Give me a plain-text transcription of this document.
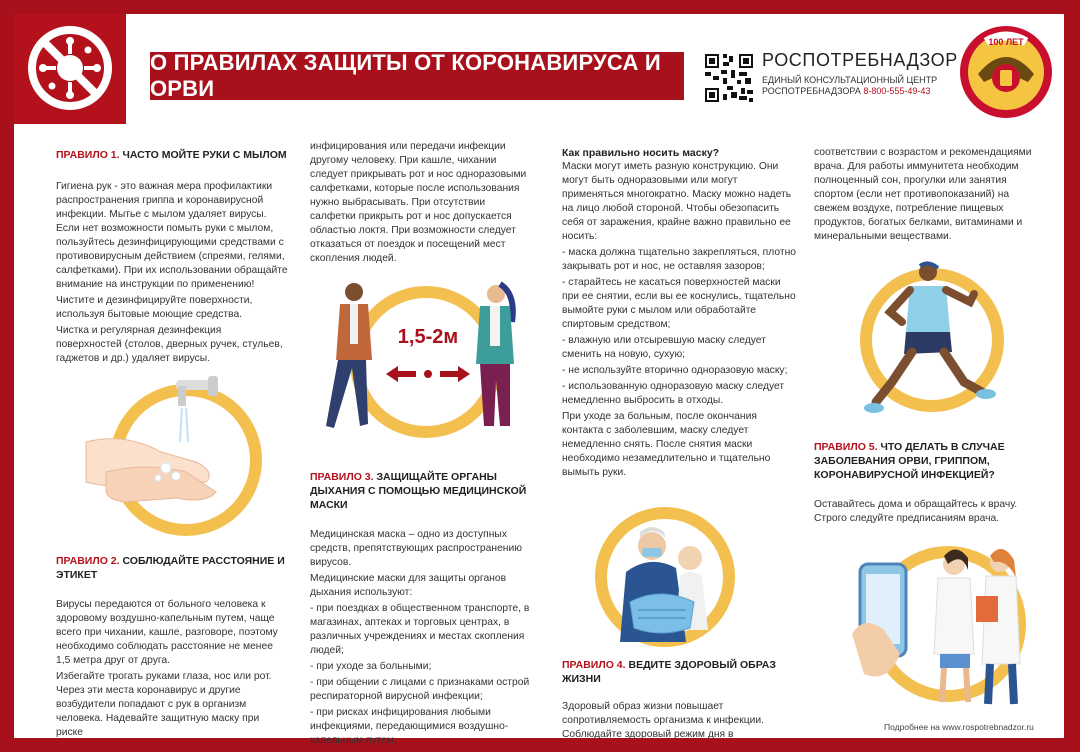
О ПРАВИЛАХ ЗАЩИТЫ ОТ КОРОНАВИРУСА И ОРВИ
РОСПОТРЕБНАДЗОР
ЕДИНЫЙ КОНСУЛЬТАЦИОННЫЙ ЦЕНТР
РОСПОТРЕБНАДЗОРА 8-800-555-49-43
100 ЛЕТ
ПРАВИЛО 1. ЧАСТО МОЙТЕ РУКИ С МЫЛОМ

Гигиена рук - это важная мера профилактики распространения гриппа и коронавирусной инфекции. Мытье с мылом удаляет вирусы. Если нет возможности помыть руки с мылом, пользуйтесь дезинфицирующими средствами с противовирусным действием (спреями, гелями, салфетками). При их использовании обращайте внимание на инструкции по применению!

Чистите и дезинфицируйте поверхности, используя бытовые моющие средства.

Чистка и регулярная дезинфекция поверхностей (столов, дверных ручек, стульев, гаджетов и др.) удаляет вирусы.

ПРАВИЛО 2. СОБЛЮДАЙТЕ РАССТОЯНИЕ И ЭТИКЕТ

Вирусы передаются от больного человека к здоровому воздушно-капельным путем, чаще всего при чихании, кашле, разговоре, поэтому необходимо соблюдать расстояние не менее 1,5 метра друг от друга.

Избегайте трогать руками глаза, нос или рот. Через эти места коронавирус и другие возбудители попадают с рук в организм человека. Надевайте защитную маску при риске

инфицирования или передачи инфекции другому человеку. При кашле, чихании следует прикрывать рот и нос одноразовыми салфетками, которые после использования нужно выбрасывать. При отсутствии салфетки прикрыть рот и нос допускается областью локтя. При возможности следует отказаться от поездок и посещений мест скопления людей.

1,5-2м
ПРАВИЛО 3. ЗАЩИЩАЙТЕ ОРГАНЫ ДЫХАНИЯ С ПОМОЩЬЮ МЕДИЦИНСКОЙ МАСКИ

Медицинская маска – одно из доступных средств, препятствующих распространению вирусов.

Медицинские маски для защиты органов дыхания используют:

- при поездках в общественном транспорте, в магазинах, аптеках и торговых центрах, в различных учреждениях и местах скопления людей;

- при уходе за больными;

- при общении с лицами с признаками острой респираторной вирусной инфекции;

- при рисках инфицирования любыми инфекциями, передающимися воздушно-капельным путем.

Как правильно носить маску?

Маски могут иметь разную конструкцию. Они могут быть одноразовыми или могут применяться многократно. Маску можно надеть на лицо любой стороной. Чтобы обезопасить себя от заражения, крайне важно правильно ее носить:

- маска должна тщательно закрепляться, плотно закрывать рот и нос, не оставляя зазоров;

- старайтесь не касаться поверхностей маски при ее снятии, если вы ее коснулись, тщательно вымойте руки с мылом или обработайте спиртовым средством;

- влажную или отсыревшую маску следует сменить на новую, сухую;

- не используйте вторично одноразовую маску;

- использованную одноразовую маску следует немедленно выбросить в отходы.

При уходе за больным, после окончания контакта с заболевшим, маску следует немедленно снять. После снятия маски необходимо незамедлительно и тщательно вымыть руки.

ПРАВИЛО 4. ВЕДИТЕ ЗДОРОВЫЙ ОБРАЗ ЖИЗНИ

Здоровый образ жизни повышает сопротивляемость организма к инфекции. Соблюдайте здоровый режим дня в

соответствии с возрастом и рекомендациями врача. Для работы иммунитета необходим полноценный сон, прогулки или занятия спортом (если нет противопоказаний) на свежем воздухе, потребление пищевых продуктов, богатых белками, витаминами и минеральными веществами.

ПРАВИЛО 5. ЧТО ДЕЛАТЬ В СЛУЧАЕ ЗАБОЛЕВАНИЯ ОРВИ, ГРИППОМ, КОРОНАВИРУСНОЙ ИНФЕКЦИЕЙ?

Оставайтесь дома и обращайтесь к врачу. Строго следуйте предписаниям врача.

Подробнее на www.rospotrebnadzor.ru
